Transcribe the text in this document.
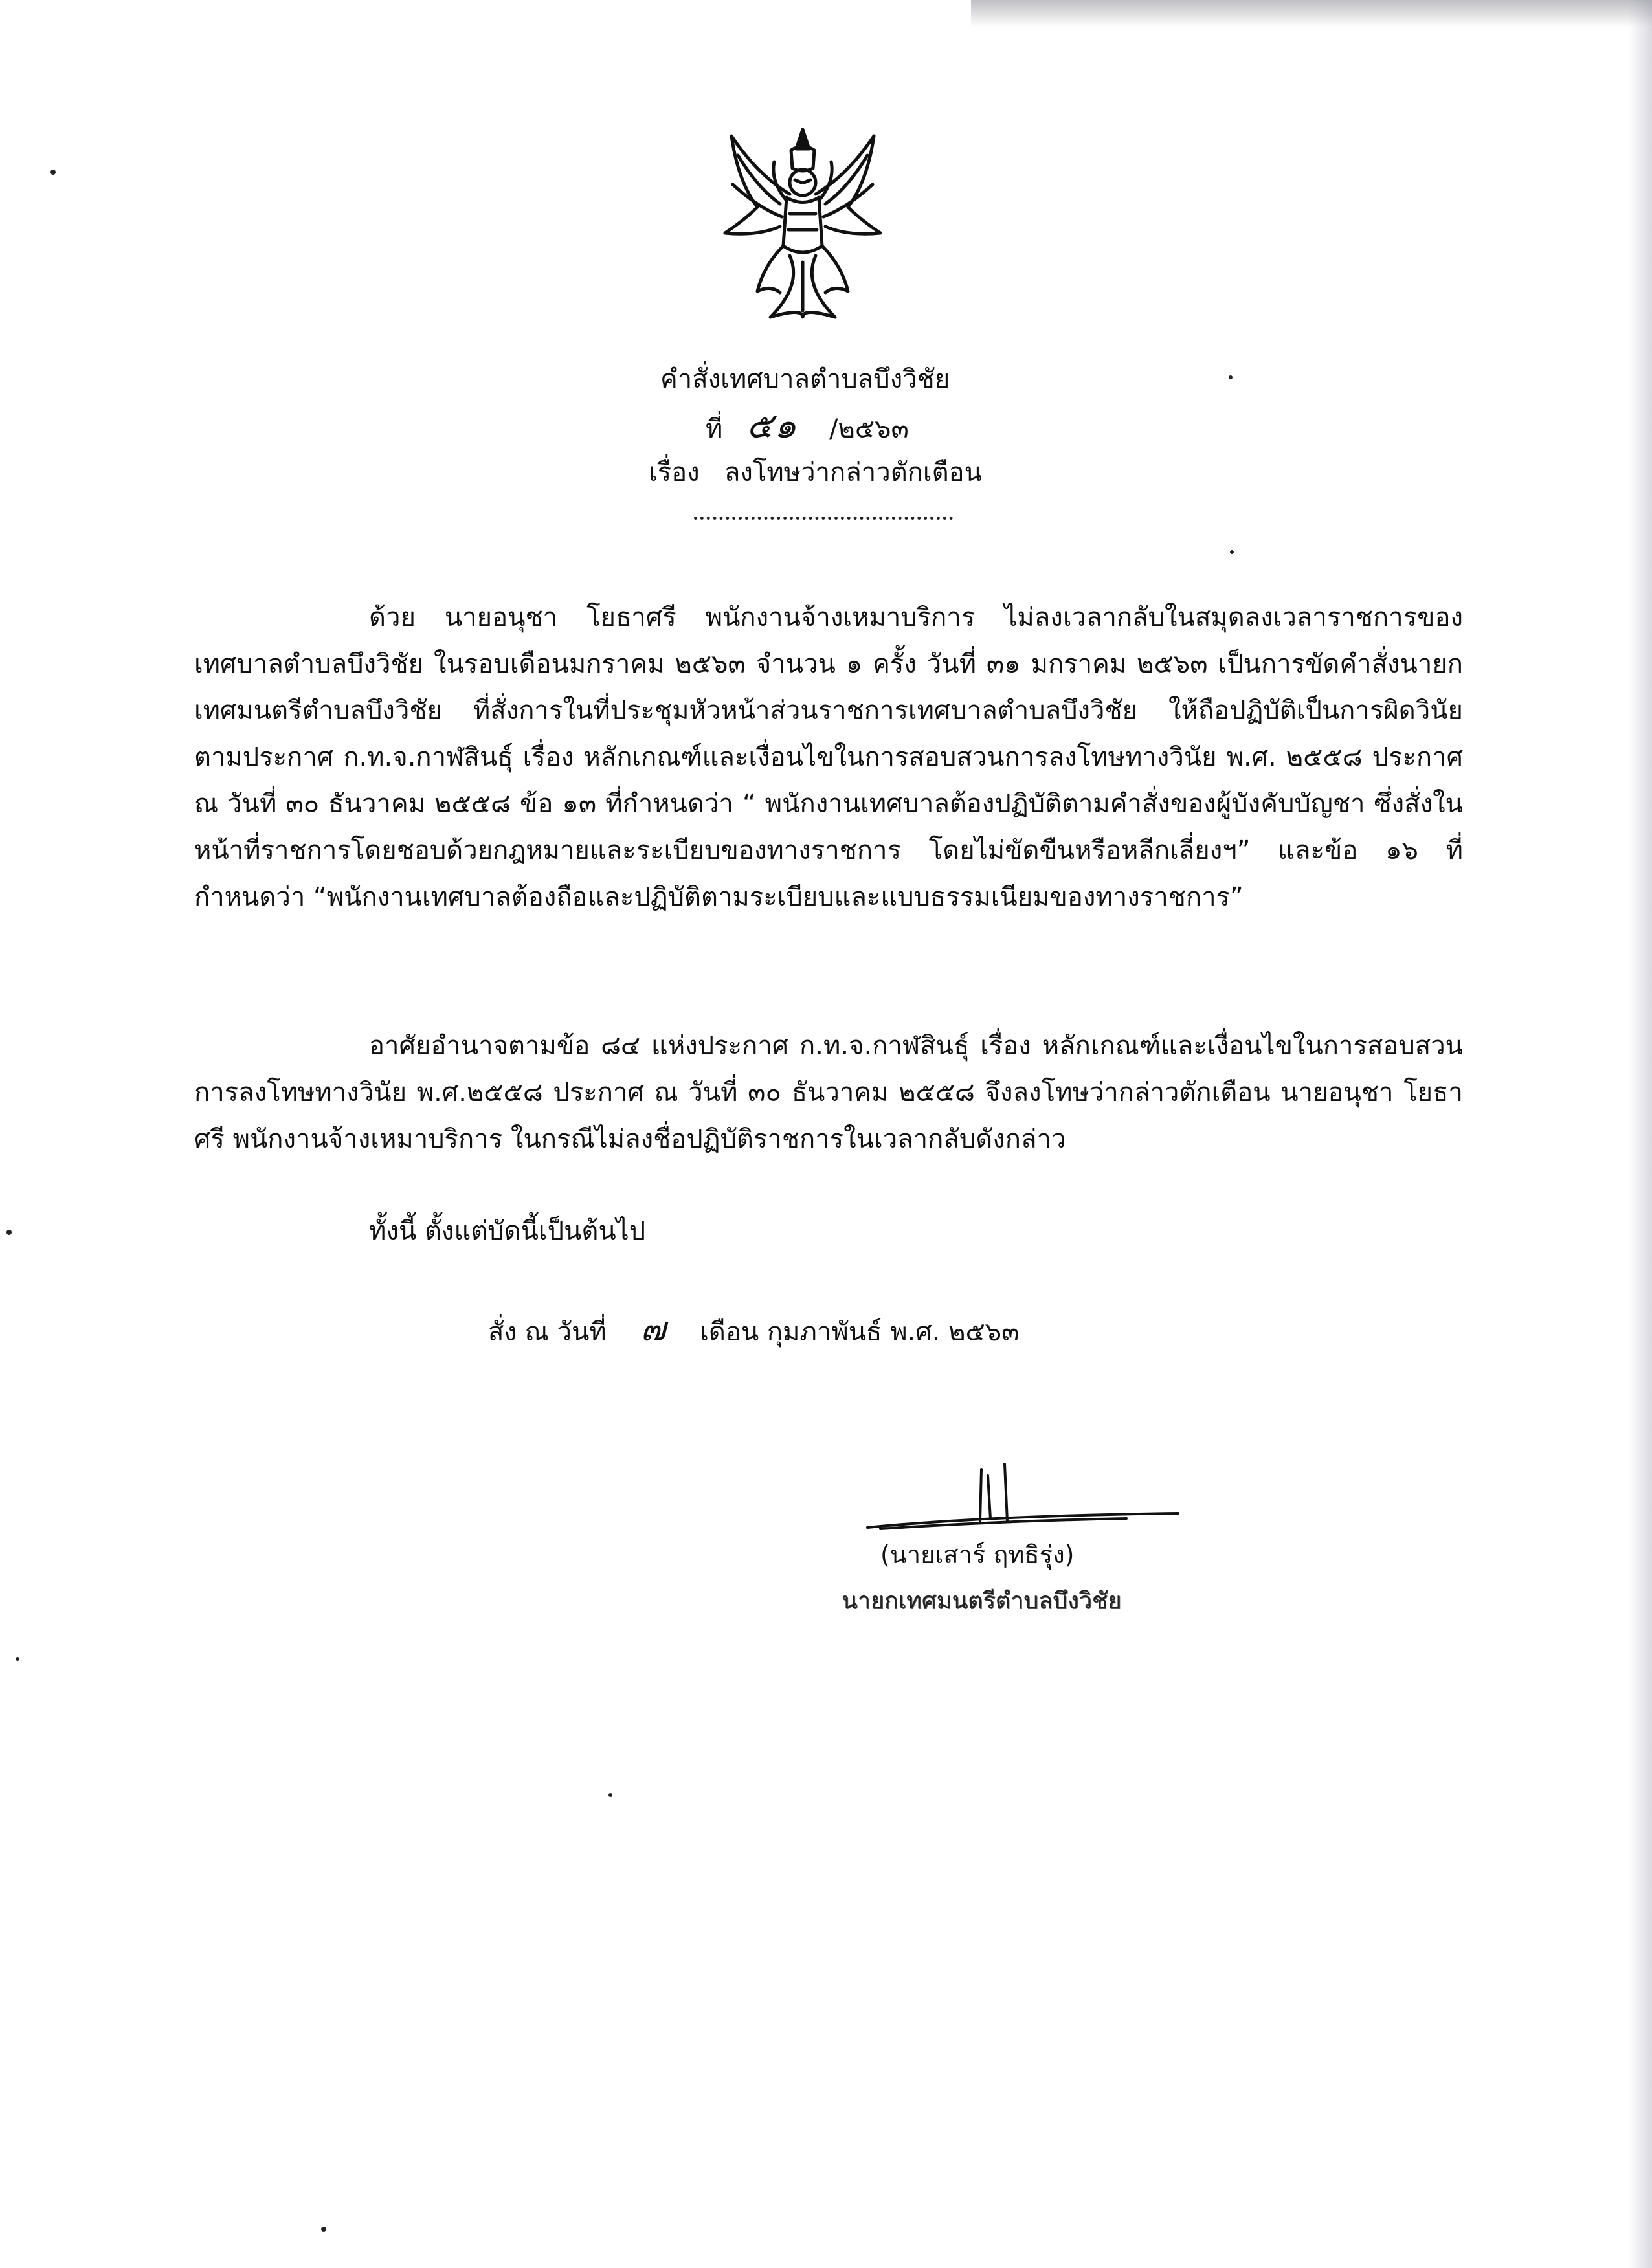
คำสั่งเทศบาลตำบลบึงวิชัย
ที่ ๕๑ /๒๕๖๓
เรื่อง ลงโทษว่ากล่าวตักเตือน
ด้วย นายอนุชา โยธาศรี พนักงานจ้างเหมาบริการ ไม่ลงเวลากลับในสมุดลงเวลาราชการของเทศบาลตำบลบึงวิชัย ในรอบเดือนมกราคม ๒๕๖๓ จำนวน ๑ ครั้ง วันที่ ๓๑ มกราคม ๒๕๖๓ เป็นการขัดคำสั่งนายกเทศมนตรีตำบลบึงวิชัย ที่สั่งการในที่ประชุมหัวหน้าส่วนราชการเทศบาลตำบลบึงวิชัย ให้ถือปฏิบัติเป็นการผิดวินัย ตามประกาศ ก.ท.จ.กาฬสินธุ์ เรื่อง หลักเกณฑ์และเงื่อนไขในการสอบสวนการลงโทษทางวินัย พ.ศ. ๒๕๕๘ ประกาศ ณ วันที่ ๓๐ ธันวาคม ๒๕๕๘ ข้อ ๑๓ ที่กำหนดว่า “ พนักงานเทศบาลต้องปฏิบัติตามคำสั่งของผู้บังคับบัญชา ซึ่งสั่งในหน้าที่ราชการโดยชอบด้วยกฎหมายและระเบียบของทางราชการ โดยไม่ขัดขืนหรือหลีกเลี่ยงฯ” และข้อ ๑๖ ที่กำหนดว่า “พนักงานเทศบาลต้องถือและปฏิบัติตามระเบียบและแบบธรรมเนียมของทางราชการ”
อาศัยอำนาจตามข้อ ๘๔ แห่งประกาศ ก.ท.จ.กาฬสินธุ์ เรื่อง หลักเกณฑ์และเงื่อนไขในการสอบสวนการลงโทษทางวินัย พ.ศ.๒๕๕๘ ประกาศ ณ วันที่ ๓๐ ธันวาคม ๒๕๕๘ จึงลงโทษว่ากล่าวตักเตือน นายอนุชา โยธาศรี พนักงานจ้างเหมาบริการ ในกรณีไม่ลงชื่อปฏิบัติราชการในเวลากลับดังกล่าว
ทั้งนี้ ตั้งแต่บัดนี้เป็นต้นไป
สั่ง ณ วันที่ ๗ เดือน กุมภาพันธ์ พ.ศ. ๒๕๖๓
(นายเสาร์ ฤทธิรุ่ง)
นายกเทศมนตรีตำบลบึงวิชัย
